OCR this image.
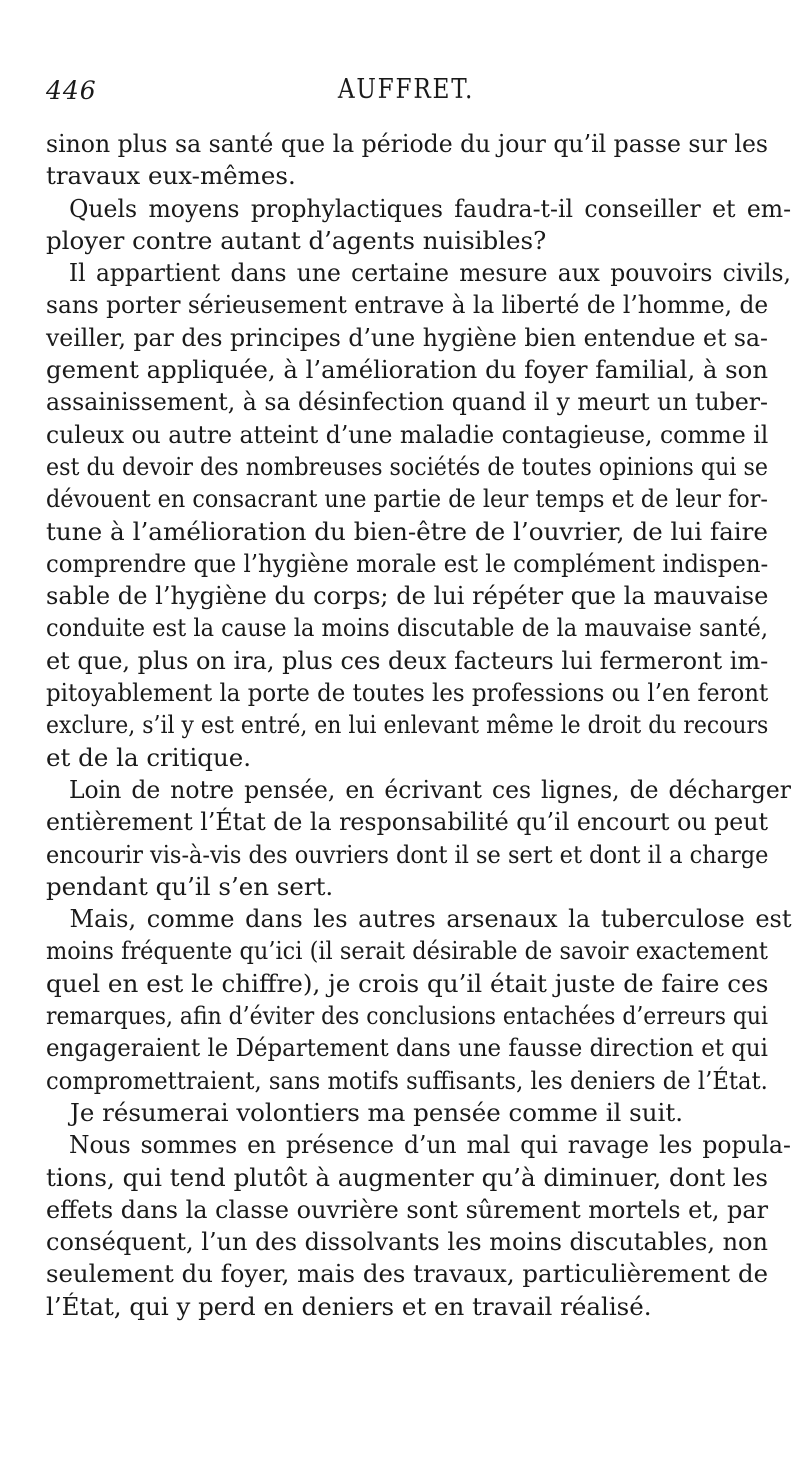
446	AUFFRET.
sinon plus sa santé que la période du jour qu’il passe sur les
travaux eux-mêmes.
Quels moyens prophylactiques faudra-t-il conseiller et em-
ployer contre autant d’agents nuisibles?
Il appartient dans une certaine mesure aux pouvoirs civils,
sans porter sérieusement entrave à la liberté de l’homme, de
veiller, par des principes d’une hygiène bien entendue et sa-
gement appliquée, à l’amélioration du foyer familial, à son
assainissement, à sa désinfection quand il y meurt un tuber-
culeux ou autre atteint d’une maladie contagieuse, comme il
est du devoir des nombreuses sociétés de toutes opinions qui se
dévouent en consacrant une partie de leur temps et de leur for-
tune à l’amélioration du bien-être de l’ouvrier, de lui faire
comprendre que l’hygiène morale est le complément indispen-
sable de l’hygiène du corps; de lui répéter que la mauvaise
conduite est la cause la moins discutable de la mauvaise santé,
et que, plus on ira, plus ces deux facteurs lui fermeront im-
pitoyablement la porte de toutes les professions ou l’en feront
exclure, s’il y est entré, en lui enlevant même le droit du recours
et de la critique.
Loin de notre pensée, en écrivant ces lignes, de décharger
entièrement l’État de la responsabilité qu’il encourt ou peut
encourir vis-à-vis des ouvriers dont il se sert et dont il a charge
pendant qu’il s’en sert.
Mais, comme dans les autres arsenaux la tuberculose est
moins fréquente qu’ici (il serait désirable de savoir exactement
quel en est le chiffre), je crois qu’il était juste de faire ces
remarques, afin d’éviter des conclusions entachées d’erreurs qui
engageraient le Département dans une fausse direction et qui
compromettraient, sans motifs suffisants, les deniers de l’État.
Je résumerai volontiers ma pensée comme il suit.
Nous sommes en présence d’un mal qui ravage les popula-
tions, qui tend plutôt à augmenter qu’à diminuer, dont les
effets dans la classe ouvrière sont sûrement mortels et, par
conséquent, l’un des dissolvants les moins discutables, non
seulement du foyer, mais des travaux, particulièrement de
l’État, qui y perd en deniers et en travail réalisé.
